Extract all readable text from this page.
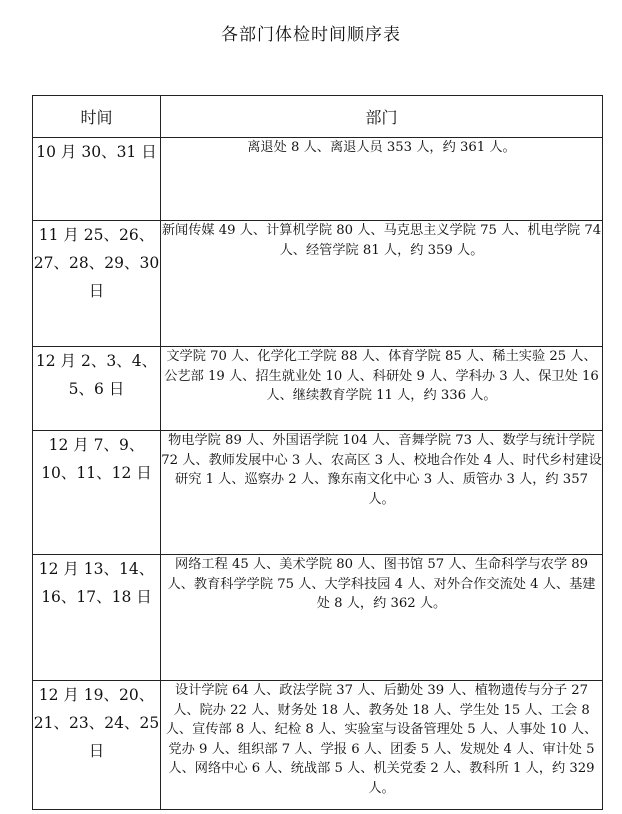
各部门体检时间顺序表
时间	部门
10 月 30、31 日	离退处 8 人、离退人员 353 人，约 361 人。
11 月 25、26、27、28、29、30 日	新闻传媒 49 人、计算机学院 80 人、马克思主义学院 75 人、机电学院 74 人、经管学院 81 人，约 359 人。
12 月 2、3、4、5、6 日	文学院 70 人、化学化工学院 88 人、体育学院 85 人、稀土实验 25 人、公艺部 19 人、招生就业处 10 人、科研处 9 人、学科办 3 人、保卫处 16 人、继续教育学院 11 人，约 336 人。
12 月 7、9、10、11、12 日	物电学院 89 人、外国语学院 104 人、音舞学院 73 人、数学与统计学院 72 人、教师发展中心 3 人、农高区 3 人、校地合作处 4 人、时代乡村建设研究 1 人、巡察办 2 人、豫东南文化中心 3 人、质管办 3 人，约 357 人。
12 月 13、14、16、17、18 日	网络工程 45 人、美术学院 80 人、图书馆 57 人、生命科学与农学 89 人、教育科学学院 75 人、大学科技园 4 人、对外合作交流处 4 人、基建处 8 人，约 362 人。
12 月 19、20、21、23、24、25 日	设计学院 64 人、政法学院 37 人、后勤处 39 人、植物遗传与分子 27 人、院办 22 人、财务处 18 人、教务处 18 人、学生处 15 人、工会 8 人、宣传部 8 人、纪检 8 人、实验室与设备管理处 5 人、人事处 10 人、党办 9 人、组织部 7 人、学报 6 人、团委 5 人、发规处 4 人、审计处 5 人、网络中心 6 人、统战部 5 人、机关党委 2 人、教科所 1 人，约 329 人。
